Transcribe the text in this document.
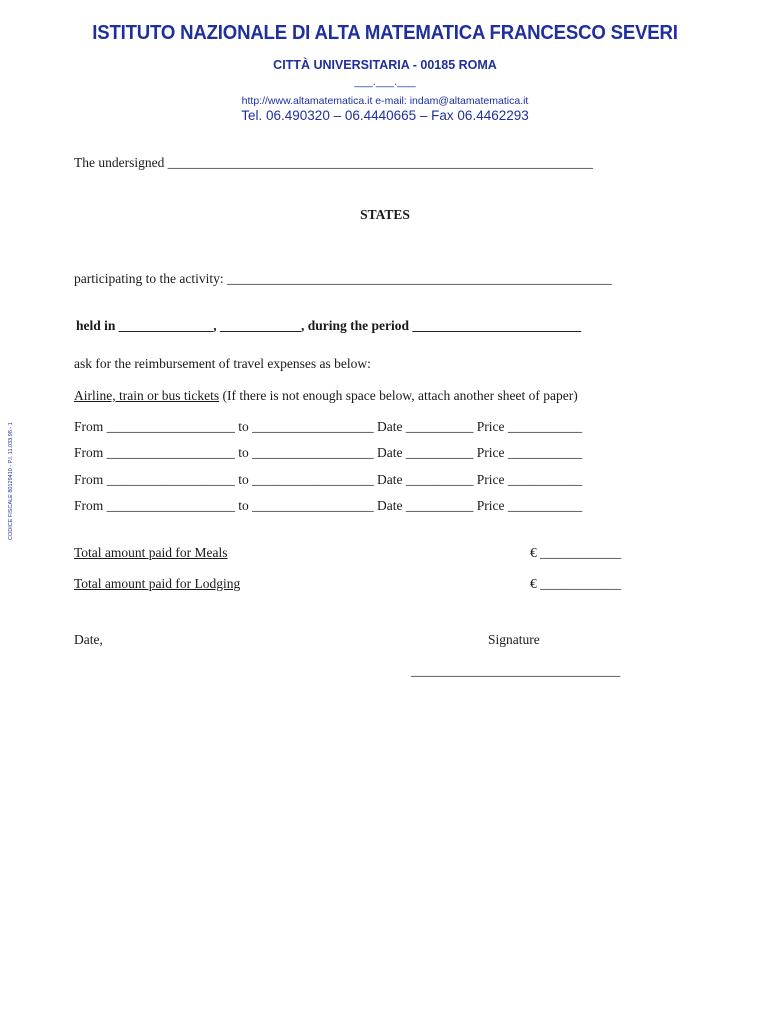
ISTITUTO NAZIONALE DI ALTA MATEMATICA FRANCESCO SEVERI
CITTÀ UNIVERSITARIA - 00185 ROMA
___.___.___
http://www.altamatematica.it e-mail: indam@altamatematica.it
Tel. 06.490320 – 06.4440665 – Fax 06.4462293
CODICE FISCALE 80129410 - P.I. 11.033.98 - 1
The undersigned _______________________________________________________________
STATES
participating to the activity: _________________________________________________________
held in ______________, ____________, during the period _________________________
ask for the reimbursement of travel expenses as below:
Airline, train or bus tickets (If there is not enough space below, attach another sheet of paper)
From ___________________ to __________________ Date __________ Price ___________
From ___________________ to __________________ Date __________ Price ___________
From ___________________ to __________________ Date __________ Price ___________
From ___________________ to __________________ Date __________ Price ___________
Total amount paid for Meals	€ ____________
Total amount paid for Lodging	€ ____________
Date,	Signature
_______________________________
